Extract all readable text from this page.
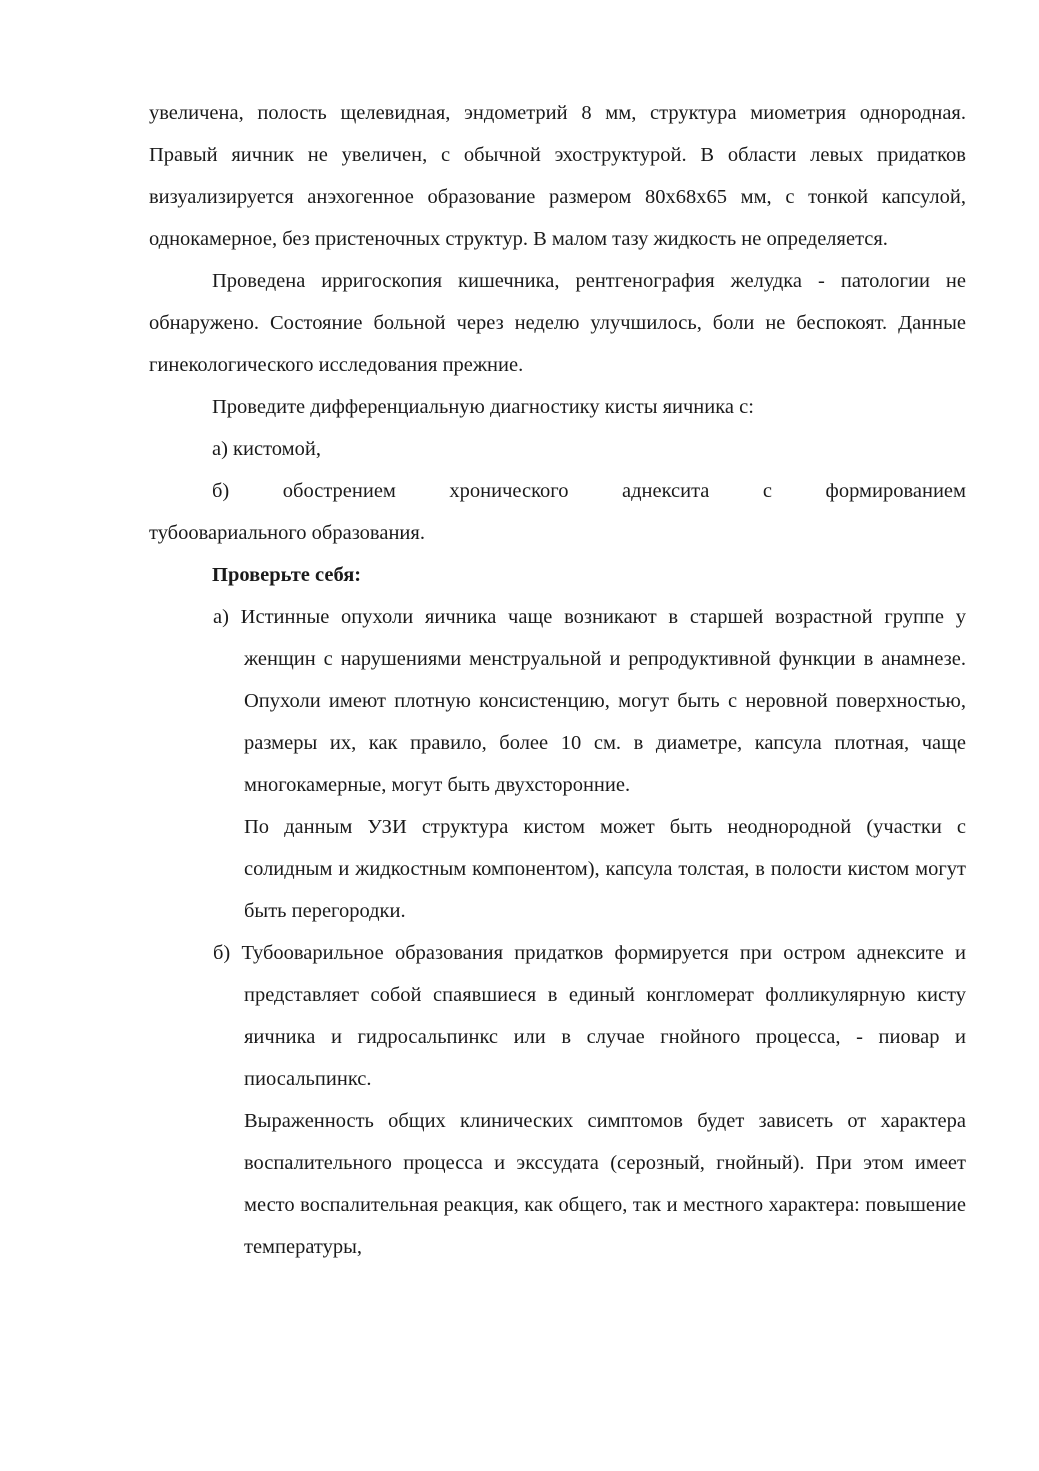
увеличена, полость щелевидная, эндометрий 8 мм, структура миометрия однородная. Правый яичник не увеличен, с обычной эхоструктурой. В области левых придатков визуализируется анэхогенное образование размером 80х68х65 мм, с тонкой капсулой, однокамерное, без пристеночных структур. В малом тазу жидкость не определяется.

Проведена ирригоскопия кишечника, рентгенография желудка - патологии не обнаружено. Состояние больной через неделю улучшилось, боли не беспокоят. Данные гинекологического исследования прежние.

Проведите дифференциальную диагностику кисты яичника с:

а) кистомой,

б) обострением хронического аднексита с формированием

тубоовариального образования.

Проверьте себя:

а) Истинные опухоли яичника чаще возникают в старшей возрастной группе у женщин с нарушениями менструальной и репродуктивной функции в анамнезе. Опухоли имеют плотную консистенцию, могут быть с неровной поверхностью, размеры их, как правило, более 10 см. в диаметре, капсула плотная, чаще многокамерные, могут быть двухсторонние.

По данным УЗИ структура кистом может быть неоднородной (участки с солидным и жидкостным компонентом), капсула толстая, в полости кистом могут быть перегородки.

б) Тубооварильное образования придатков формируется при остром аднексите и представляет собой спаявшиеся в единый конгломерат фолликулярную кисту яичника и гидросальпинкс или в случае гнойного процесса, - пиовар и пиосальпинкс.

Выраженность общих клинических симптомов будет зависеть от характера воспалительного процесса и экссудата (серозный, гнойный). При этом имеет место воспалительная реакция, как общего, так и местного характера: повышение температуры,
